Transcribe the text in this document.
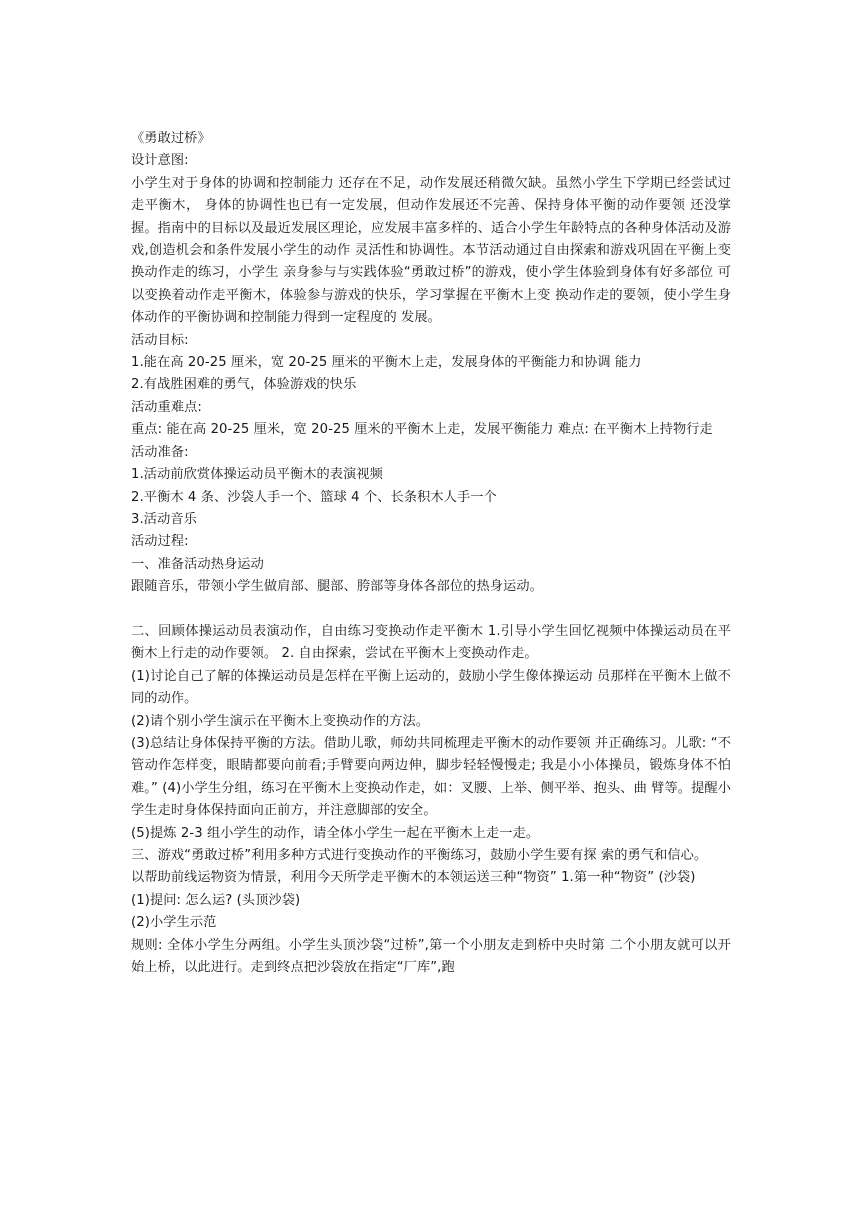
《勇敢过桥》

设计意图:

小学生对于身体的协调和控制能力 还存在不足，动作发展还稍微欠缺。虽然小学生下学期已经尝试过走平衡木， 身体的协调性也已有一定发展，但动作发展还不完善、保持身体平衡的动作要领 还没掌握。指南中的目标以及最近发展区理论，应发展丰富多样的、适合小学生年龄特点的各种身体活动及游戏,创造机会和条件发展小学生的动作 灵活性和协调性。本节活动通过自由探索和游戏巩固在平衡上变换动作走的练习，小学生 亲身参与与实践体验“勇敢过桥”的游戏，使小学生体验到身体有好多部位 可以变换着动作走平衡木，体验参与游戏的快乐，学习掌握在平衡木上变 换动作走的要领，使小学生身体动作的平衡协调和控制能力得到一定程度的 发展。

活动目标:

1.能在高 20-25 厘米，宽 20-25 厘米的平衡木上走，发展身体的平衡能力和协调 能力

2.有战胜困难的勇气，体验游戏的快乐

活动重难点:

重点: 能在高 20-25 厘米，宽 20-25 厘米的平衡木上走，发展平衡能力 难点: 在平衡木上持物行走

活动准备:

1.活动前欣赏体操运动员平衡木的表演视频

2.平衡木 4 条、沙袋人手一个、篮球 4 个、长条积木人手一个

3.活动音乐

活动过程:

一、准备活动热身运动

跟随音乐，带领小学生做肩部、腿部、胯部等身体各部位的热身运动。

二、回顾体操运动员表演动作，自由练习变换动作走平衡木 1.引导小学生回忆视频中体操运动员在平衡木上行走的动作要领。 2. 自由探索，尝试在平衡木上变换动作走。

(1)讨论自己了解的体操运动员是怎样在平衡上运动的，鼓励小学生像体操运动 员那样在平衡木上做不同的动作。

(2)请个别小学生演示在平衡木上变换动作的方法。

(3)总结让身体保持平衡的方法。借助儿歌，师幼共同梳理走平衡木的动作要领 并正确练习。儿歌: “不管动作怎样变，眼睛都要向前看;手臂要向两边伸，脚步轻轻慢慢走; 我是小小体操员，锻炼身体不怕难。” (4)小学生分组，练习在平衡木上变换动作走，如：叉腰、上举、侧平举、抱头、曲 臂等。提醒小学生走时身体保持面向正前方，并注意脚部的安全。

(5)提炼 2-3 组小学生的动作，请全体小学生一起在平衡木上走一走。

三、游戏“勇敢过桥”利用多种方式进行变换动作的平衡练习，鼓励小学生要有探 索的勇气和信心。

以帮助前线运物资为情景，利用今天所学走平衡木的本领运送三种“物资” 1.第一种“物资” (沙袋)

(1)提问: 怎么运? (头顶沙袋)

(2)小学生示范

规则: 全体小学生分两组。小学生头顶沙袋“过桥”,第一个小朋友走到桥中央时第 二个小朋友就可以开始上桥，以此进行。走到终点把沙袋放在指定“厂库”,跑
